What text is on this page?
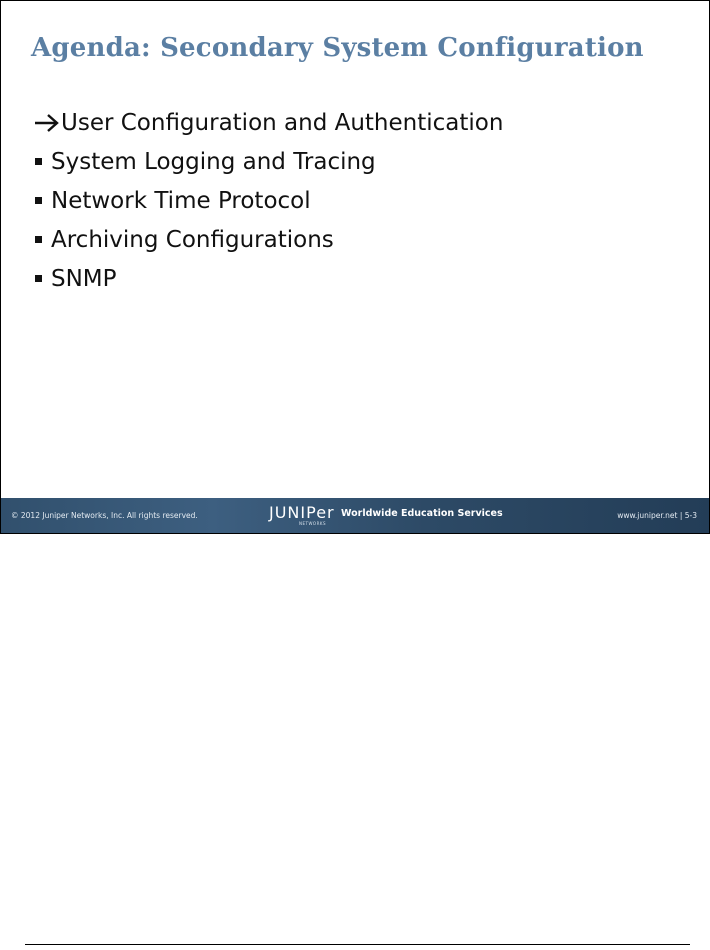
Agenda: Secondary System Configuration
User Configuration and Authentication
System Logging and Tracing
Network Time Protocol
Archiving Configurations
SNMP
© 2012 Juniper Networks, Inc. All rights reserved.	JUNIPer
NETWORKS
Worldwide Education Services	www.juniper.net | 5-3
